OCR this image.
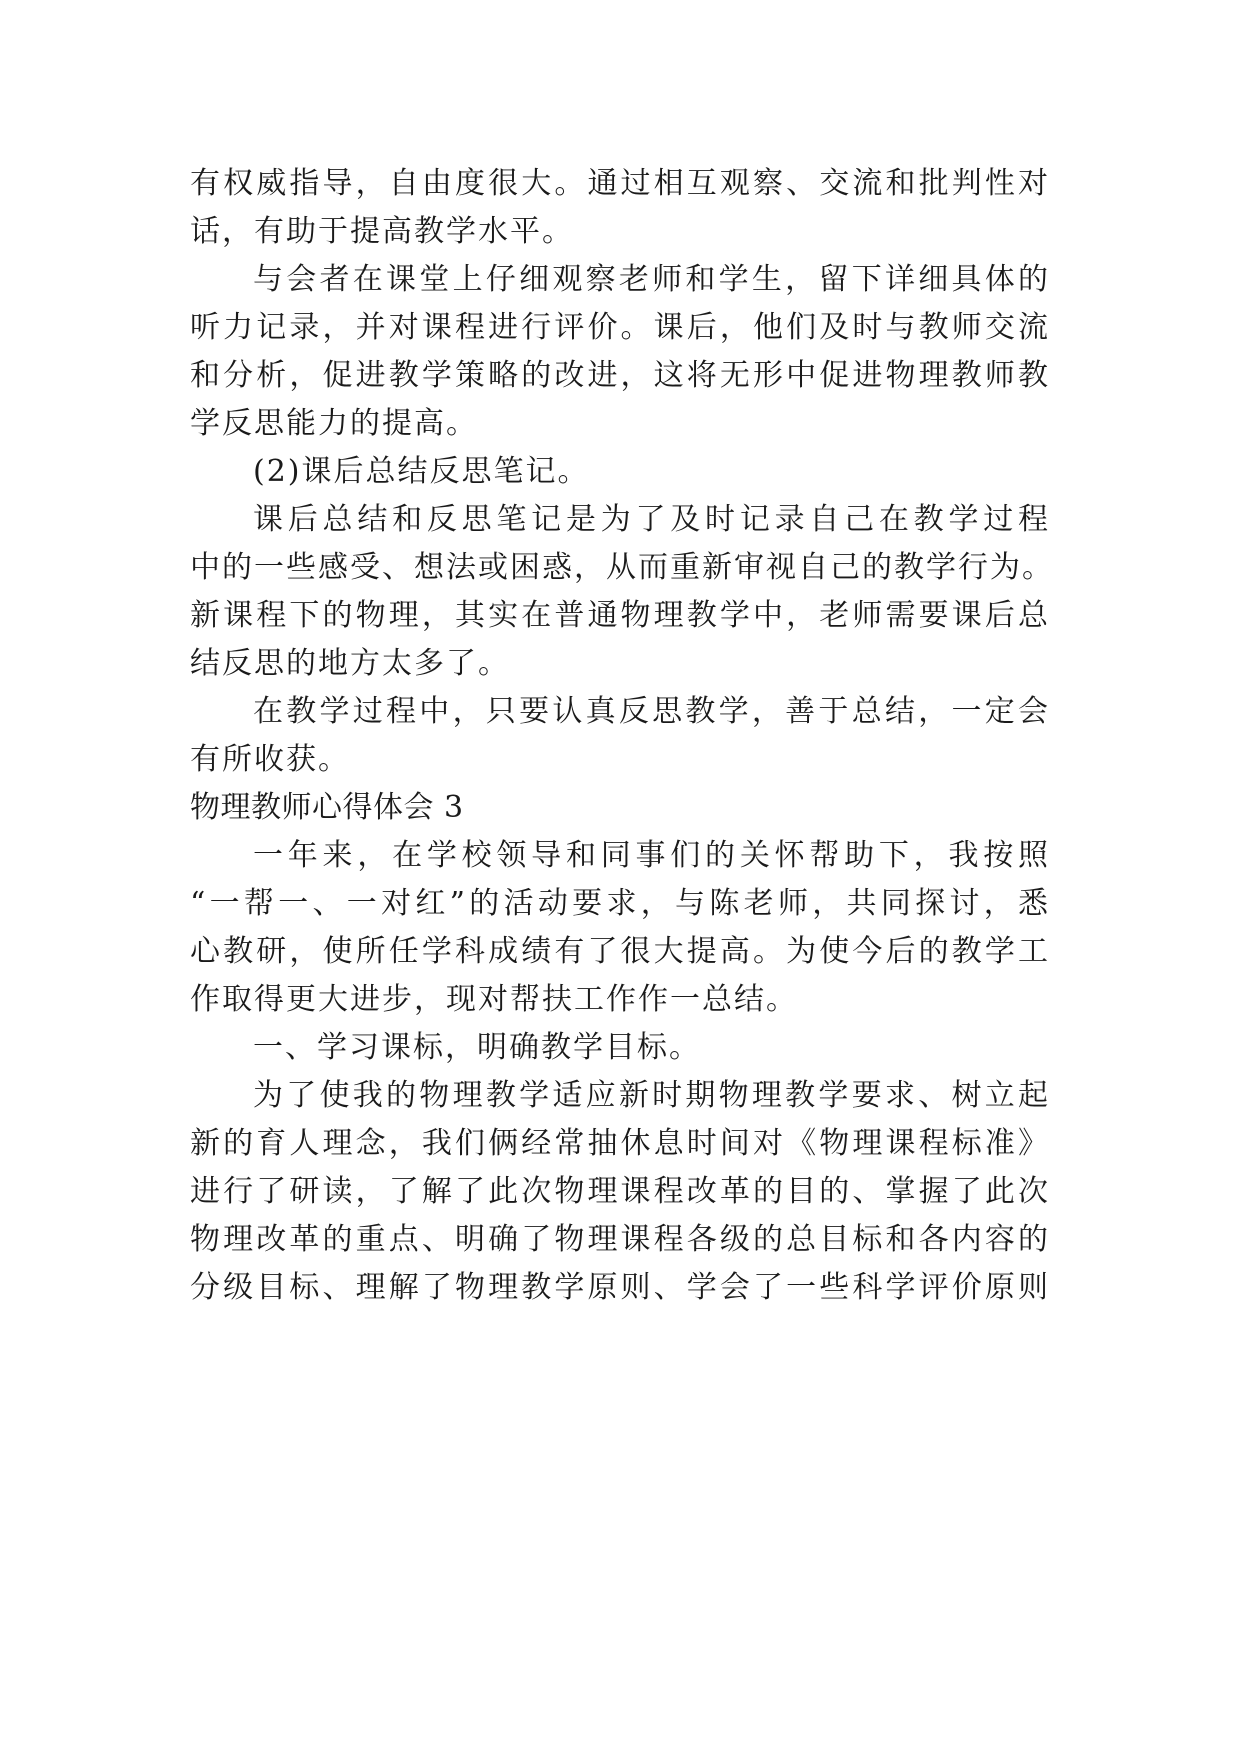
有权威指导，自由度很大。通过相互观察、交流和批判性对
话，有助于提高教学水平。
与会者在课堂上仔细观察老师和学生，留下详细具体的
听力记录，并对课程进行评价。课后，他们及时与教师交流
和分析，促进教学策略的改进，这将无形中促进物理教师教
学反思能力的提高。
(2)课后总结反思笔记。
课后总结和反思笔记是为了及时记录自己在教学过程
中的一些感受、想法或困惑，从而重新审视自己的教学行为。
新课程下的物理，其实在普通物理教学中，老师需要课后总
结反思的地方太多了。
在教学过程中，只要认真反思教学，善于总结，一定会
有所收获。
物理教师心得体会 3
一年来，在学校领导和同事们的关怀帮助下，我按照
“一帮一、一对红”的活动要求，与陈老师，共同探讨，悉
心教研，使所任学科成绩有了很大提高。为使今后的教学工
作取得更大进步，现对帮扶工作作一总结。
一、学习课标，明确教学目标。
为了使我的物理教学适应新时期物理教学要求、树立起
新的育人理念，我们俩经常抽休息时间对《物理课程标准》
进行了研读，了解了此次物理课程改革的目的、掌握了此次
物理改革的重点、明确了物理课程各级的总目标和各内容的
分级目标、理解了物理教学原则、学会了一些科学评价原则
